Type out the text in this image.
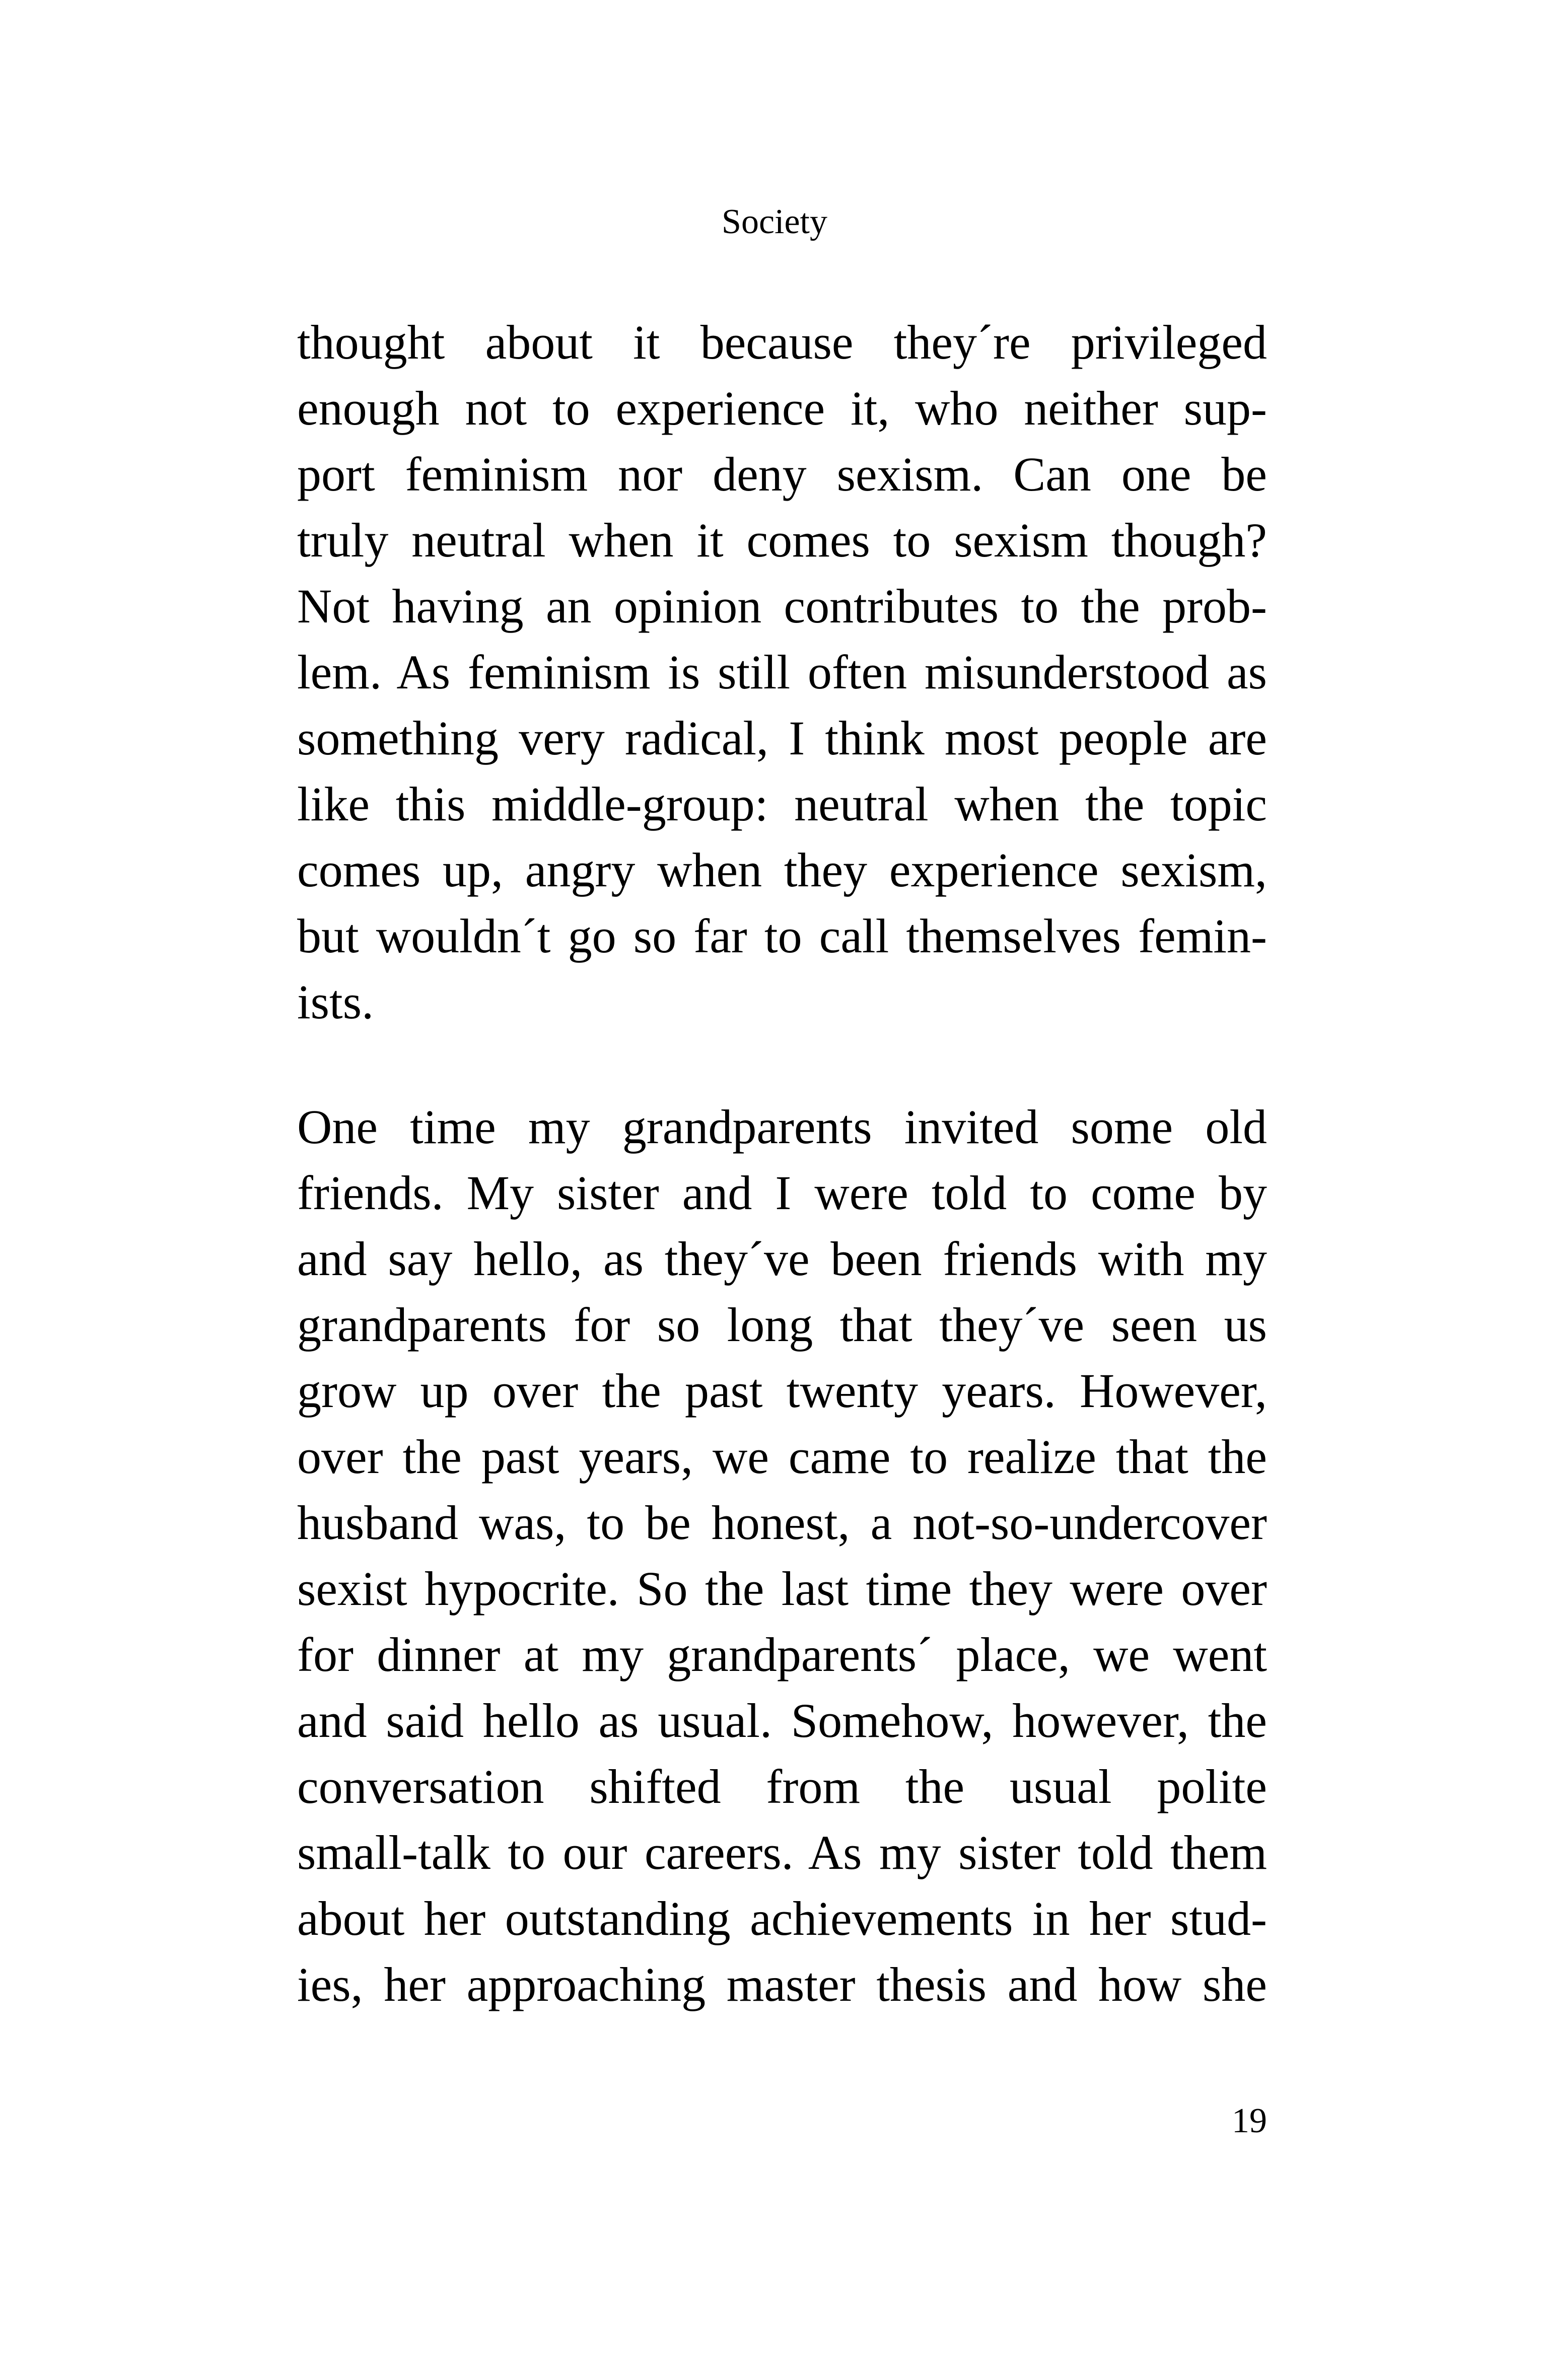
Society
thought about it because they´re privileged
enough not to experience it, who neither sup-
port feminism nor deny sexism. Can one be
truly neutral when it comes to sexism though?
Not having an opinion contributes to the prob-
lem. As feminism is still often misunderstood as
something very radical, I think most people are
like this middle-group: neutral when the topic
comes up, angry when they experience sexism,
but wouldn´t go so far to call themselves femin-
ists.
One time my grandparents invited some old
friends. My sister and I were told to come by
and say hello, as they´ve been friends with my
grandparents for so long that they´ve seen us
grow up over the past twenty years. However,
over the past years, we came to realize that the
husband was, to be honest, a not-so-undercover
sexist hypocrite. So the last time they were over
for dinner at my grandparents´ place, we went
and said hello as usual. Somehow, however, the
conversation shifted from the usual polite
small-talk to our careers. As my sister told them
about her outstanding achievements in her stud-
ies, her approaching master thesis and how she
19
